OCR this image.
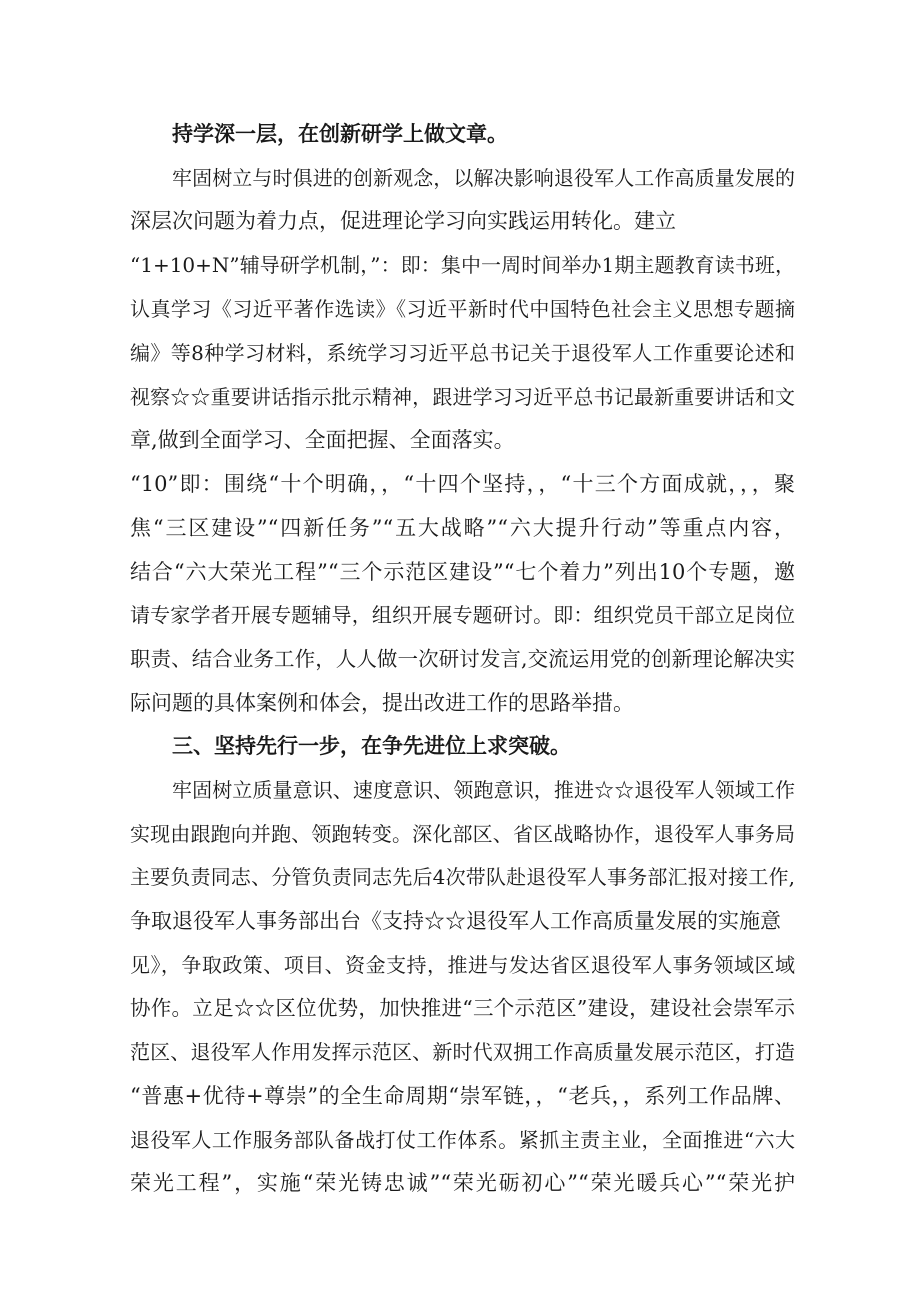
持学深一层，在创新研学上做文章。
牢固树立与时俱进的创新观念，以解决影响退役军人工作高质量发展的
深层次问题为着力点，促进理论学习向实践运用转化。建立
“1+10+N”辅导研学机制，”：即：集中一周时间举办1期主题教育读书班，
认真学习《习近平著作选读》《习近平新时代中国特色社会主义思想专题摘
编》等8种学习材料，系统学习习近平总书记关于退役军人工作重要论述和
视察☆☆重要讲话指示批示精神，跟进学习习近平总书记最新重要讲话和文
章,做到全面学习、全面把握、全面落实。
“10”即：围绕“十个明确，，“十四个坚持，，“十三个方面成就，，，聚
焦“三区建设”“四新任务”“五大战略”“六大提升行动”等重点内容，
结合“六大荣光工程”“三个示范区建设”“七个着力”列出10个专题，邀
请专家学者开展专题辅导，组织开展专题研讨。即：组织党员干部立足岗位
职责、结合业务工作，人人做一次研讨发言,交流运用党的创新理论解决实
际问题的具体案例和体会，提出改进工作的思路举措。
三、坚持先行一步，在争先进位上求突破。
牢固树立质量意识、速度意识、领跑意识，推进☆☆退役军人领域工作
实现由跟跑向并跑、领跑转变。深化部区、省区战略协作，退役军人事务局
主要负责同志、分管负责同志先后4次带队赴退役军人事务部汇报对接工作,
争取退役军人事务部出台《支持☆☆退役军人工作高质量发展的实施意
见》，争取政策、项目、资金支持，推进与发达省区退役军人事务领域区域
协作。立足☆☆区位优势，加快推进“三个示范区”建设，建设社会崇军示
范区、退役军人作用发挥示范区、新时代双拥工作高质量发展示范区，打造
“普惠+优待+尊崇”的全生命周期“崇军链，，“老兵，，系列工作品牌、
退役军人工作服务部队备战打仗工作体系。紧抓主责主业，全面推进“六大
荣光工程”，实施“荣光铸忠诚”“荣光砺初心”“荣光暖兵心”“荣光护
